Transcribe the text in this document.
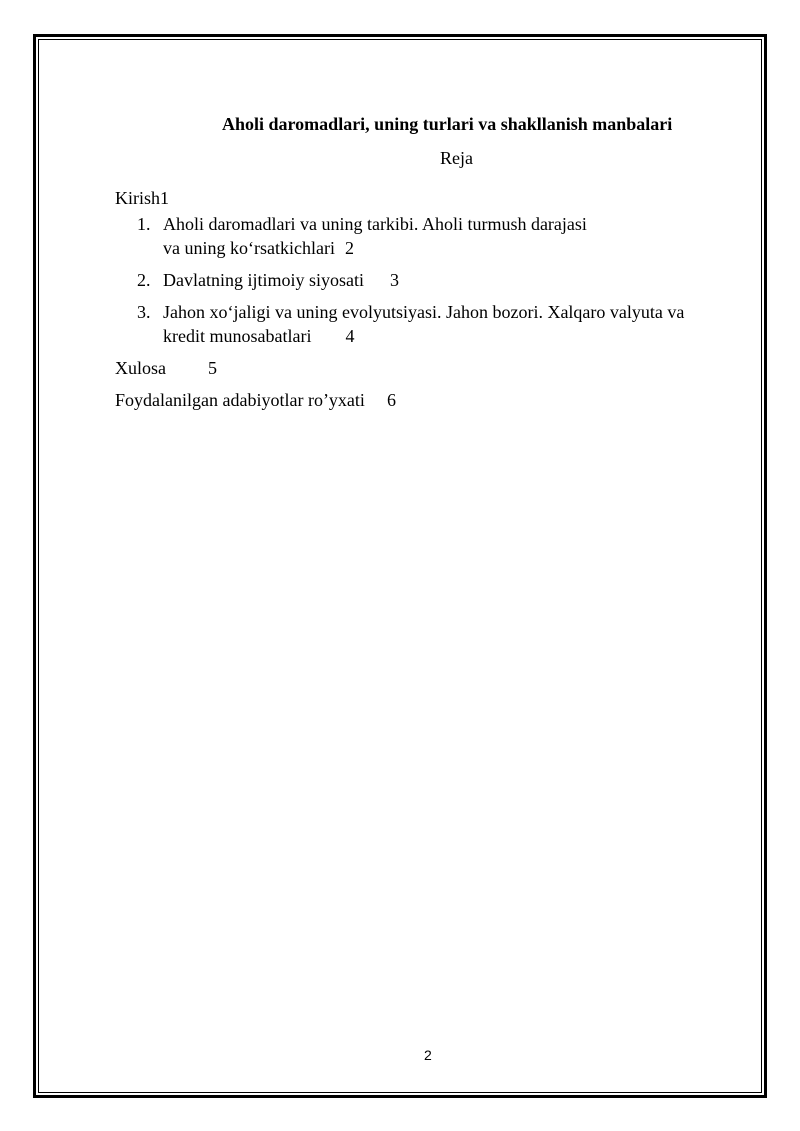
Aholi daromadlari, uning turlari va shakllanish manbalari
Reja
Kirish1
1. Aholi daromadlari va uning tarkibi. Aholi turmush darajasi
va uning ko‘rsatkichlari 2
2. Davlatning ijtimoiy siyosati 3
3. Jahon xo‘jaligi va uning evolyutsiyasi. Jahon bozori. Xalqaro valyuta va
kredit munosabatlari 4
Xulosa 5
Foydalanilgan adabiyotlar ro’yxati 6
2
